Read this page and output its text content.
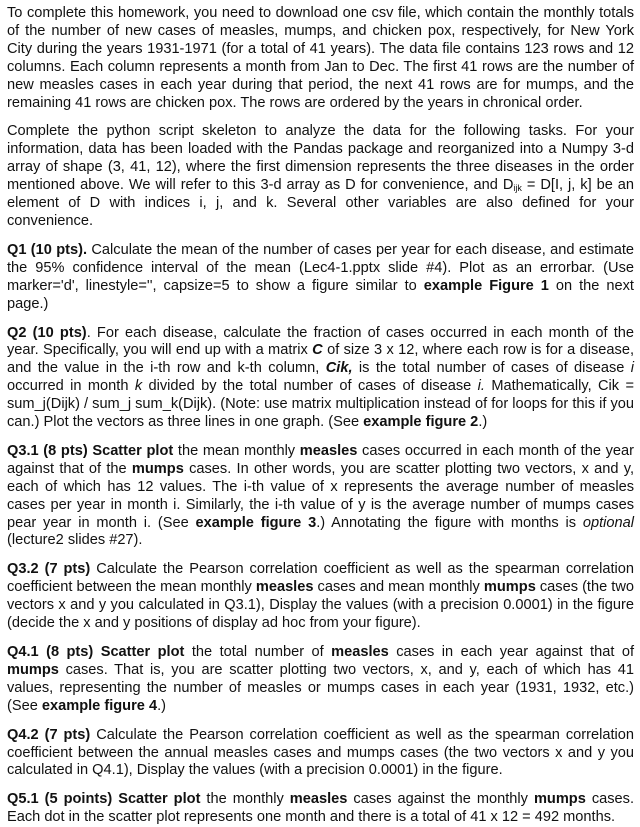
To complete this homework, you need to download one csv file, which contain the monthly totals of the number of new cases of measles, mumps, and chicken pox, respectively, for New York City during the years 1931-1971 (for a total of 41 years). The data file contains 123 rows and 12 columns. Each column represents a month from Jan to Dec. The first 41 rows are the number of new measles cases in each year during that period, the next 41 rows are for mumps, and the remaining 41 rows are chicken pox. The rows are ordered by the years in chronical order.

Complete the python script skeleton to analyze the data for the following tasks. For your information, data has been loaded with the Pandas package and reorganized into a Numpy 3-d array of shape (3, 41, 12), where the first dimension represents the three diseases in the order mentioned above. We will refer to this 3-d array as D for convenience, and $D_{ijk} = D[I$, j, k] be an element of D with indices i, j, and k. Several other variables are also defined for your convenience.

Q1 (10 pts). Calculate the mean of the number of cases per year for each disease, and estimate the 95% confidence interval of the mean (Lec4-1.pptx slide #4). Plot as an errorbar. (Use marker='d', linestyle='', capsize=5 to show a figure similar to example Figure 1 on the next page.)

Q2 (10 pts). For each disease, calculate the fraction of cases occurred in each month of the year. Specifically, you will end up with a matrix C of size 3 x 12, where each row is for a disease, and the value in the i-th row and k-th column, Cik, is the total number of cases of disease i occurred in month k divided by the total number of cases of disease i. Mathematically, Cik = sum_j(Dijk) / sum_j sum_k(Dijk). (Note: use matrix multiplication instead of for loops for this if you can.) Plot the vectors as three lines in one graph. (See example figure 2.)

Q3.1 (8 pts) Scatter plot the mean monthly measles cases occurred in each month of the year against that of the mumps cases. In other words, you are scatter plotting two vectors, x and y, each of which has 12 values. The i-th value of x represents the average number of measles cases per year in month i. Similarly, the i-th value of y is the average number of mumps cases pear year in month i. (See example figure 3.) Annotating the figure with months is optional (lecture2 slides #27).

Q3.2 (7 pts) Calculate the Pearson correlation coefficient as well as the spearman correlation coefficient between the mean monthly measles cases and mean monthly mumps cases (the two vectors x and y you calculated in Q3.1), Display the values (with a precision 0.0001) in the figure (decide the x and y positions of display ad hoc from your figure).

Q4.1 (8 pts) Scatter plot the total number of measles cases in each year against that of mumps cases. That is, you are scatter plotting two vectors, x, and y, each of which has 41 values, representing the number of measles or mumps cases in each year (1931, 1932, etc.) (See example figure 4.)

Q4.2 (7 pts) Calculate the Pearson correlation coefficient as well as the spearman correlation coefficient between the annual measles cases and mumps cases (the two vectors x and y you calculated in Q4.1), Display the values (with a precision 0.0001) in the figure.

Q5.1 (5 points) Scatter plot the monthly measles cases against the monthly mumps cases. Each dot in the scatter plot represents one month and there is a total of 41 x 12 = 492 months.
